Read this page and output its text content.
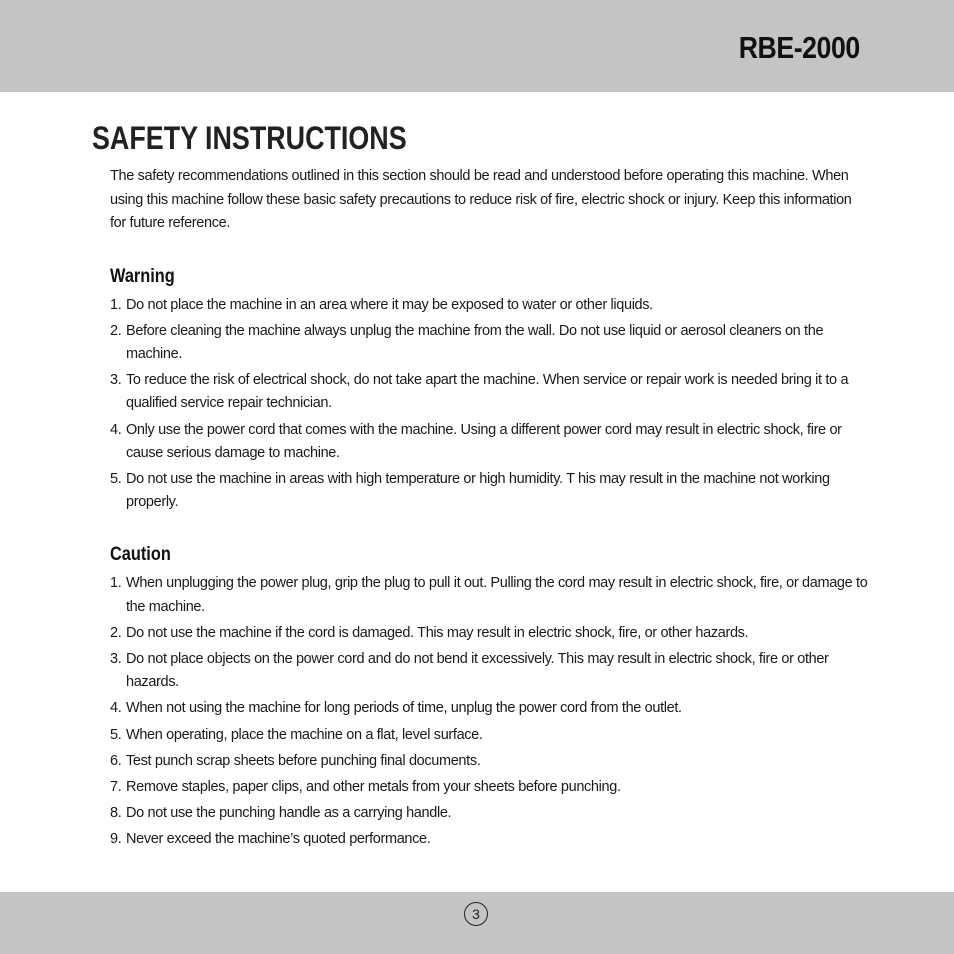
RBE-2000
SAFETY INSTRUCTIONS

The safety recommendations outlined in this section should be read and understood before operating this machine. When using this machine follow these basic safety precautions to reduce risk of fire, electric shock or injury. Keep this information for future reference.

Warning
1. Do not place the machine in an area where it may be exposed to water or other liquids.
2. Before cleaning the machine always unplug the machine from the wall. Do not use liquid or aerosol cleaners on the machine.
3. To reduce the risk of electrical shock, do not take apart the machine. When service or repair work is needed bring it to a qualified service repair technician.
4. Only use the power cord that comes with the machine. Using a different power cord may result in electric shock, fire or cause serious damage to machine.
5. Do not use the machine in areas with high temperature or high humidity. T his may result in the machine not working properly.
Caution
1. When unplugging the power plug, grip the plug to pull it out. Pulling the cord may result in electric shock, fire, or damage to the machine.
2. Do not use the machine if the cord is damaged. This may result in electric shock, fire, or other hazards.
3. Do not place objects on the power cord and do not bend it excessively. This may result in electric shock, fire or other hazards.
4. When not using the machine for long periods of time, unplug the power cord from the outlet.
5. When operating, place the machine on a flat, level surface.
6. Test punch scrap sheets before punching final documents.
7. Remove staples, paper clips, and other metals from your sheets before punching.
8. Do not use the punching handle as a carrying handle.
9. Never exceed the machine’s quoted performance.
3
